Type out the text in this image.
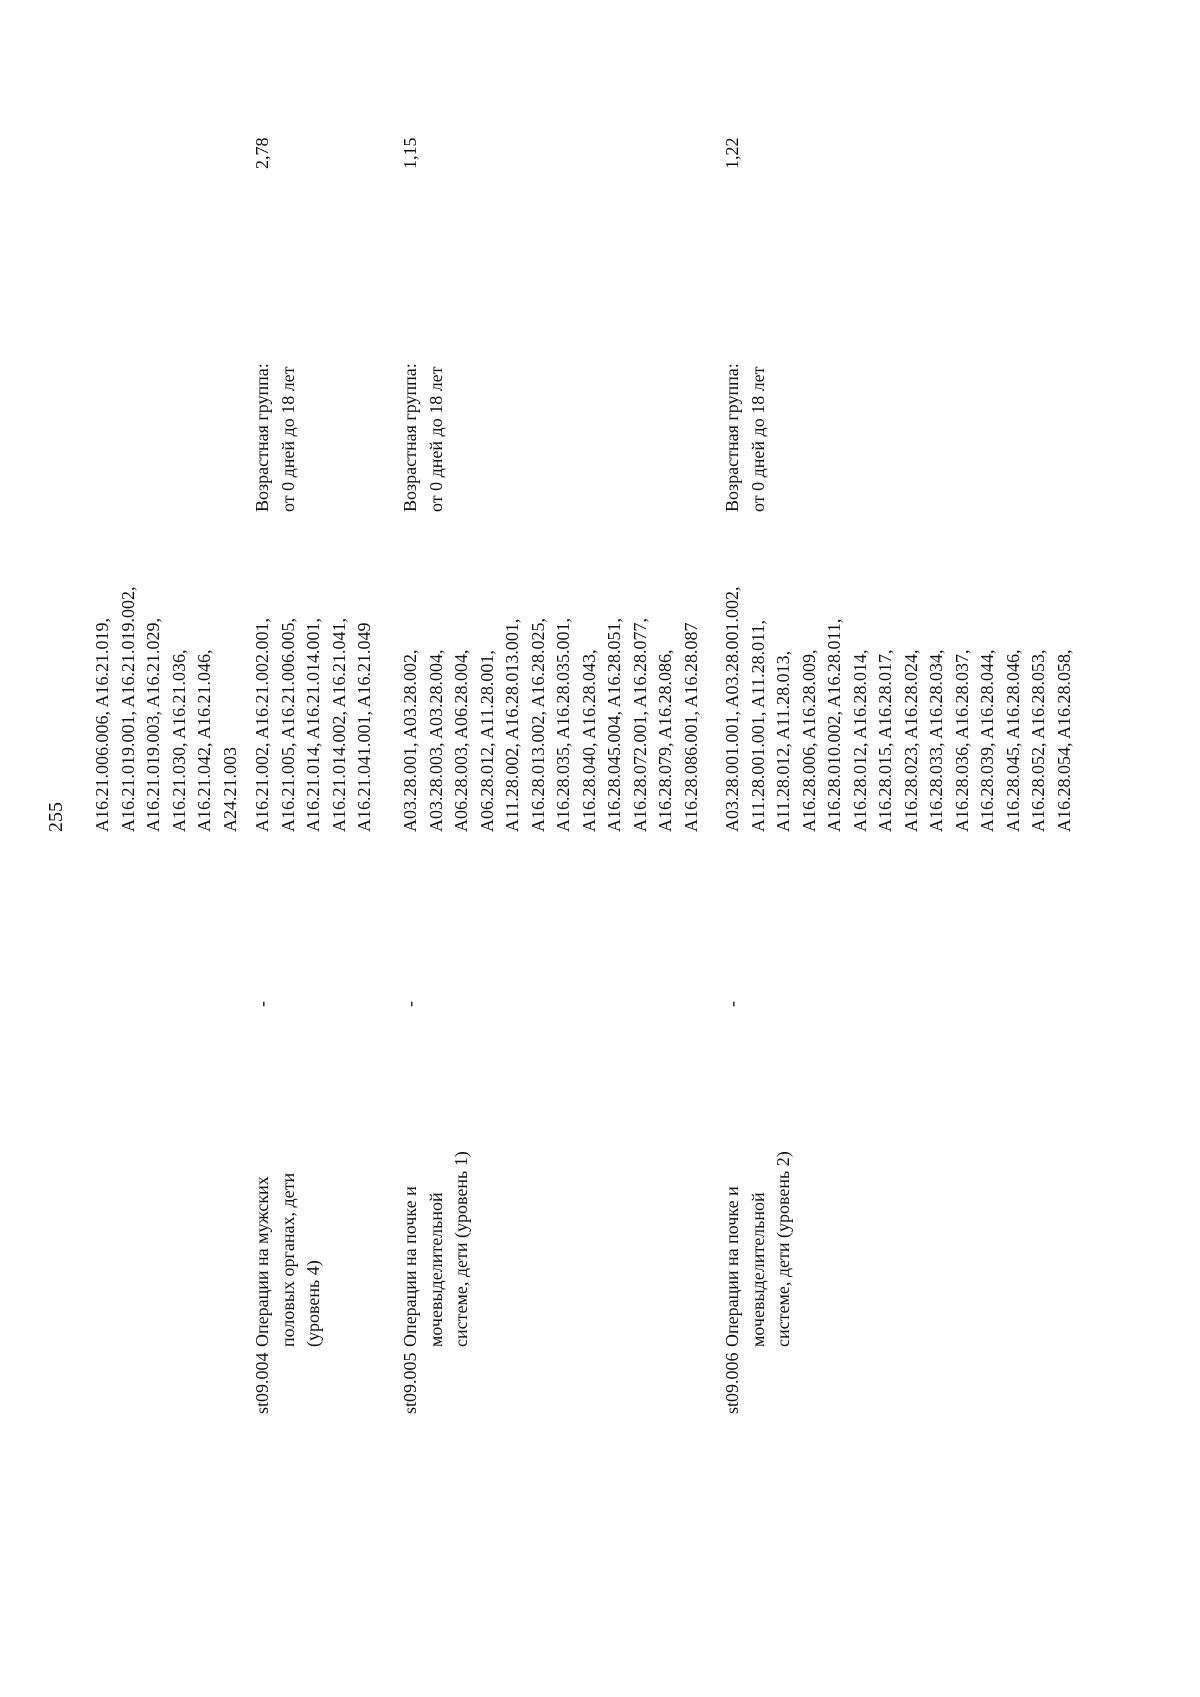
255 A16.21.006.006, A16.21.019, A16.21.019.001, A16.21.019.002, A16.21.019.003, A16.21.029, A16.21.030, A16.21.036, A16.21.042, A16.21.046, A24.21.003
st09.004
Операции на мужских половых органах, дети (уровень 4)
-
A16.21.002, A16.21.002.001, A16.21.005, A16.21.006.005, A16.21.014, A16.21.014.001, A16.21.014.002, A16.21.041, A16.21.041.001, A16.21.049
Возрастная группа: от 0 дней до 18 лет
2,78
st09.005
Операции на почке и мочевыделительной системе, дети (уровень 1)
-
A03.28.001, A03.28.002, A03.28.003, A03.28.004, A06.28.003, A06.28.004, A06.28.012, A11.28.001, A11.28.002, A16.28.013.001, A16.28.013.002, A16.28.025, A16.28.035, A16.28.035.001, A16.28.040, A16.28.043, A16.28.045.004, A16.28.051, A16.28.072.001, A16.28.077, A16.28.079, A16.28.086, A16.28.086.001, A16.28.087
Возрастная группа: от 0 дней до 18 лет
1,15
st09.006
Операции на почке и мочевыделительной системе, дети (уровень 2)
-
A03.28.001.001, A03.28.001.002, A11.28.001.001, A11.28.011, A11.28.012, A11.28.013, A16.28.006, A16.28.009, A16.28.010.002, A16.28.011, A16.28.012, A16.28.014, A16.28.015, A16.28.017, A16.28.023, A16.28.024, A16.28.033, A16.28.034, A16.28.036, A16.28.037, A16.28.039, A16.28.044, A16.28.045, A16.28.046, A16.28.052, A16.28.053, A16.28.054, A16.28.058,
Возрастная группа: от 0 дней до 18 лет
1,22
